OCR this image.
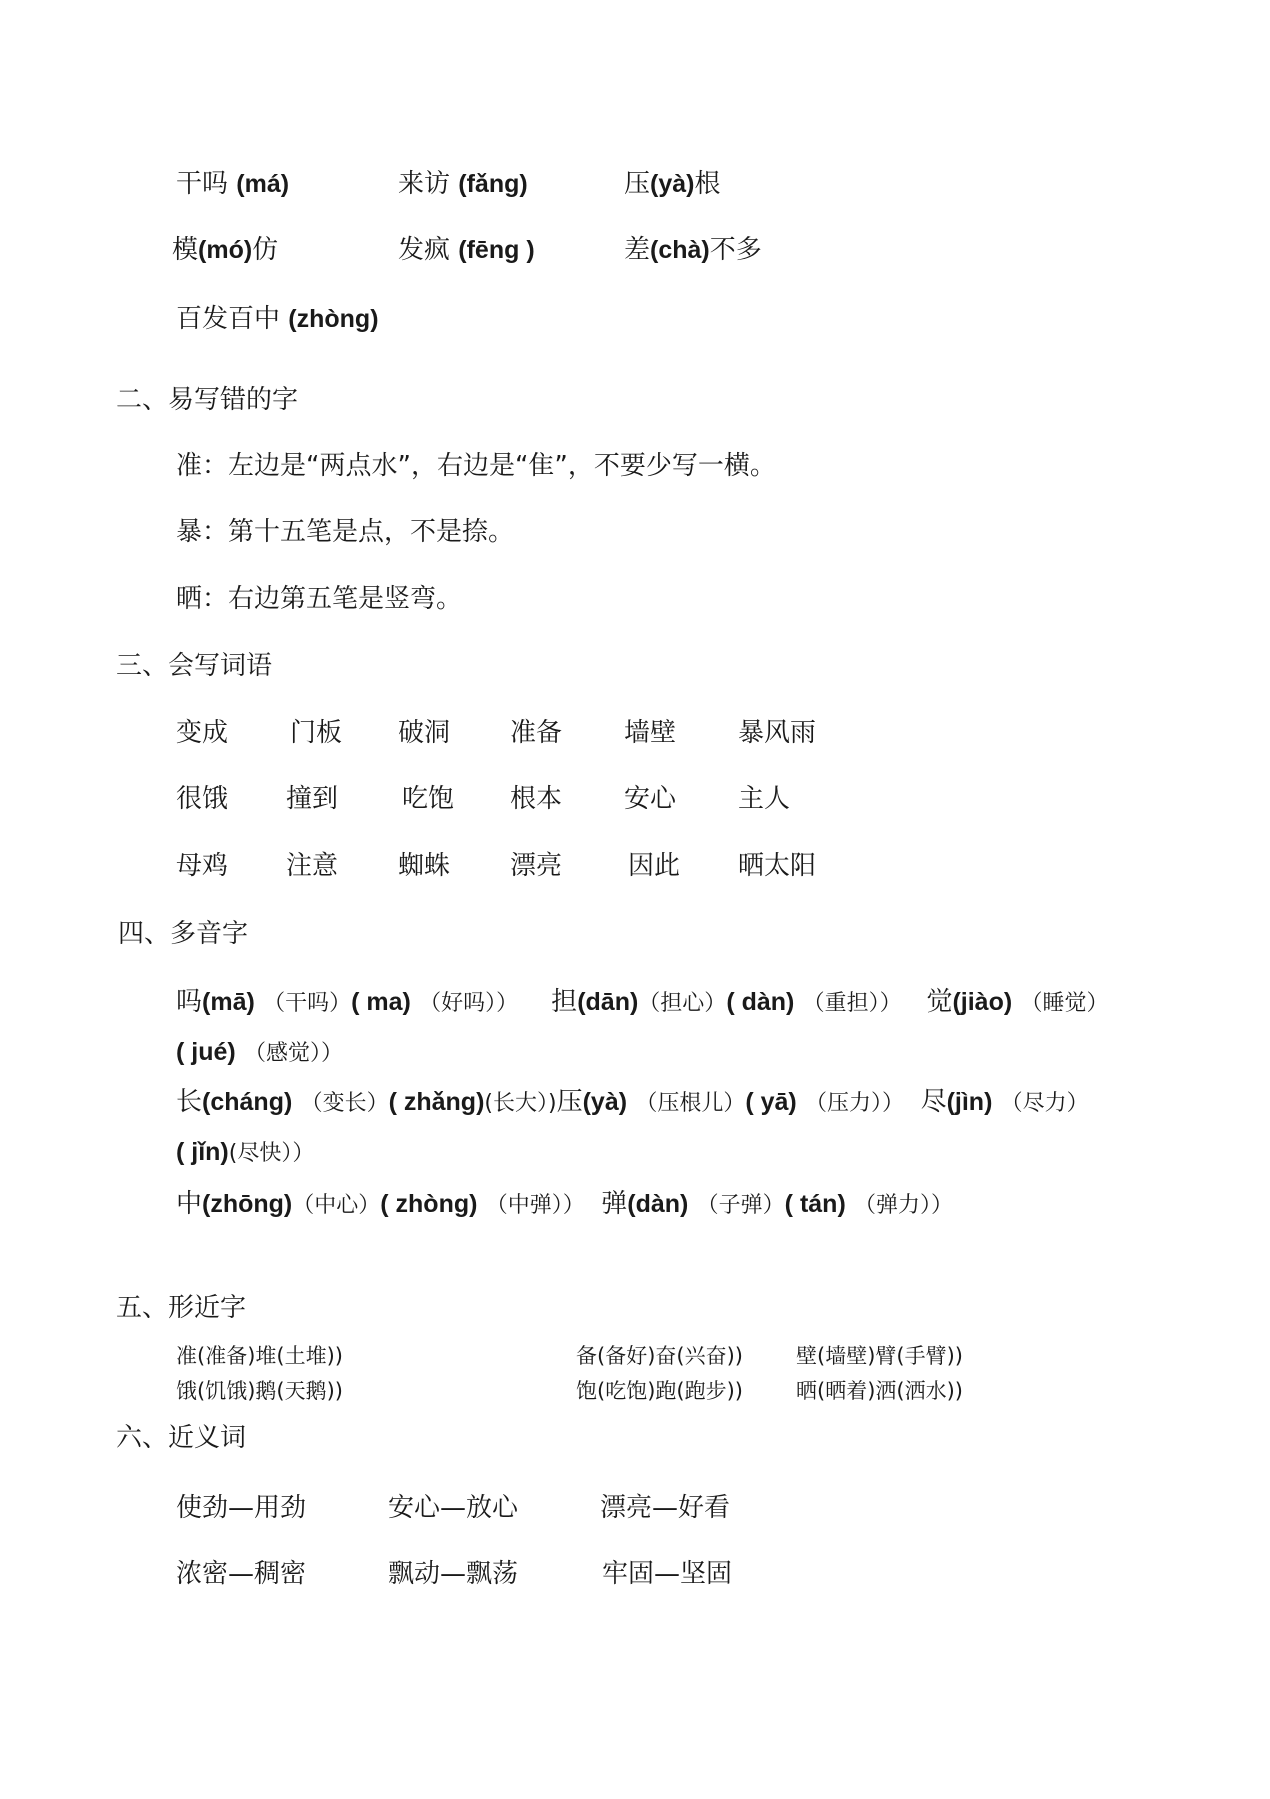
干吗 (má)	来访 (fǎng)	压(yà)根
模(mó)仿	发疯 (fēng )	差(chà)不多
百发百中 (zhòng)
二、易写错的字
准：左边是“两点水”，右边是“隹”，不要少写一横。
暴：第十五笔是点，不是捺。
晒：右边第五笔是竖弯。
三、会写词语
变成 门板 破洞 准备 墙壁 暴风雨
很饿 撞到 吃饱 根本 安心 主人
母鸡 注意 蜘蛛 漂亮	因此 晒太阳
四、多音字
吗(mā) （干吗）( ma) （好吗）） 担(dān)（担心）( dàn) （重担）） 觉(jiào) （睡觉）
( jué) （感觉））
长(cháng) （变长）( zhǎng)(长大）)压(yà) （压根儿）( yā) （压力）） 尽(jìn) （尽力）
( jǐn)(尽快））
中(zhōng)（中心）( zhòng) （中弹）） 弹(dàn) （子弹）( tán) （弹力））
五、形近字
准(准备)堆(土堆))	备(备好)奋(兴奋))	壁(墙壁)臂(手臂))
饿(饥饿)鹅(天鹅))	饱(吃饱)跑(跑步))	晒(晒着)洒(洒水))
六、近义词
使劲—用劲	安心—放心	漂亮—好看
浓密—稠密	飘动—飘荡	牢固—坚固
